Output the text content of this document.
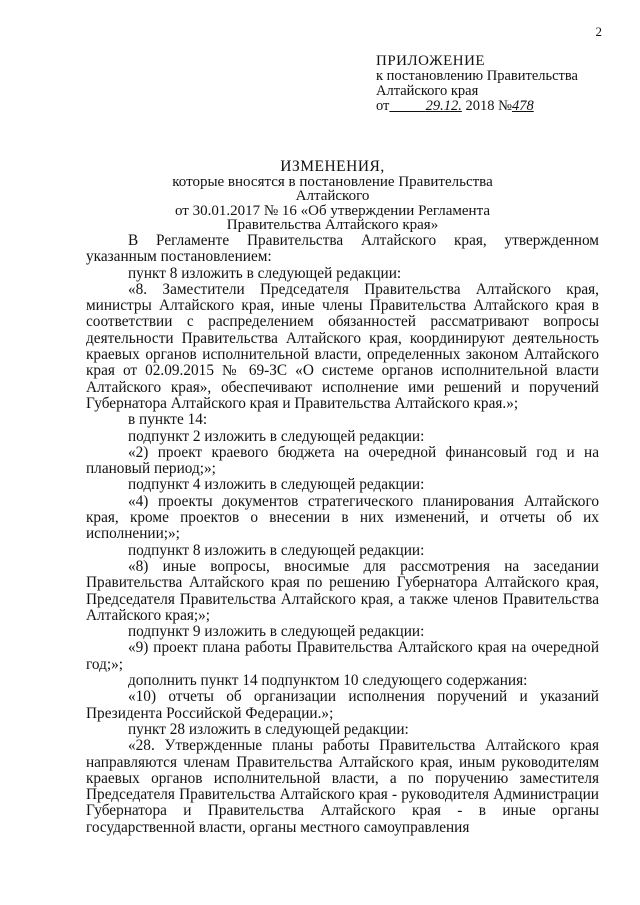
2
ПРИЛОЖЕНИЕ
к постановлению Правительства
Алтайского края
от	29.12. 2018 №478
ИЗМЕНЕНИЯ,
которые вносятся в постановление Правительства Алтайского
от 30.01.2017 № 16 «Об утверждении Регламента
Правительства Алтайского края»

В Регламенте Правительства Алтайского края, утвержденном указанным постановлением:

пункт 8 изложить в следующей редакции:

«8. Заместители Председателя Правительства Алтайского края, министры Алтайского края, иные члены Правительства Алтайского края в соответствии с распределением обязанностей рассматривают вопросы деятельности Правительства Алтайского края, координируют деятельность краевых органов исполнительной власти, определенных законом Алтайского края от 02.09.2015 № 69-ЗС «О системе органов исполнительной власти Алтайского края», обеспечивают исполнение ими решений и поручений Губернатора Алтайского края и Правительства Алтайского края.»;

в пункте 14:

подпункт 2 изложить в следующей редакции:

«2) проект краевого бюджета на очередной финансовый год и на плановый период;»;

подпункт 4 изложить в следующей редакции:

«4) проекты документов стратегического планирования Алтайского края, кроме проектов о внесении в них изменений, и отчеты об их исполнении;»;

подпункт 8 изложить в следующей редакции:

«8) иные вопросы, вносимые для рассмотрения на заседании Правительства Алтайского края по решению Губернатора Алтайского края, Председателя Правительства Алтайского края, а также членов Правительства Алтайского края;»;

подпункт 9 изложить в следующей редакции:

«9) проект плана работы Правительства Алтайского края на очередной год;»;

дополнить пункт 14 подпунктом 10 следующего содержания:

«10) отчеты об организации исполнения поручений и указаний Президента Российской Федерации.»;

пункт 28 изложить в следующей редакции:

«28. Утвержденные планы работы Правительства Алтайского края направляются членам Правительства Алтайского края, иным руководителям краевых органов исполнительной власти, а по поручению заместителя Председателя Правительства Алтайского края - руководителя Администрации Губернатора и Правительства Алтайского края - в иные органы государственной власти, органы местного самоуправления
